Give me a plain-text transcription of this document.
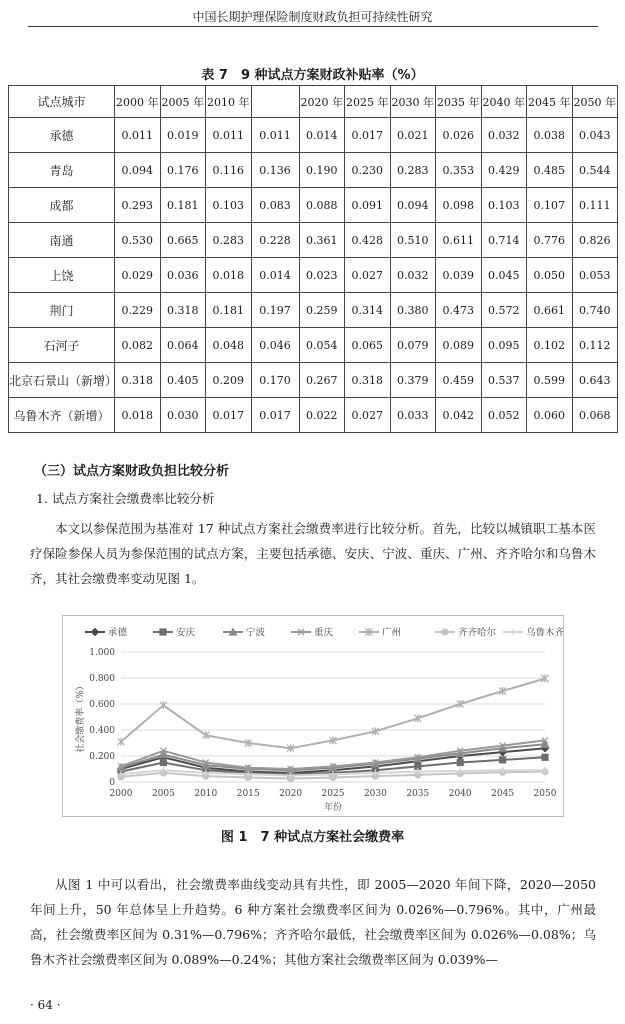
中国长期护理保险制度财政负担可持续性研究
表 7　9 种试点方案财政补贴率（%）
试点城市	2000 年	2005 年	2010 年		2020 年	2025 年	2030 年	2035 年	2040 年	2045 年	2050 年
承德	0.011	0.019	0.011	0.011	0.014	0.017	0.021	0.026	0.032	0.038	0.043
青岛	0.094	0.176	0.116	0.136	0.190	0.230	0.283	0.353	0.429	0.485	0.544
成都	0.293	0.181	0.103	0.083	0.088	0.091	0.094	0.098	0.103	0.107	0.111
南通	0.530	0.665	0.283	0.228	0.361	0.428	0.510	0.611	0.714	0.776	0.826
上饶	0.029	0.036	0.018	0.014	0.023	0.027	0.032	0.039	0.045	0.050	0.053
荆门	0.229	0.318	0.181	0.197	0.259	0.314	0.380	0.473	0.572	0.661	0.740
石河子	0.082	0.064	0.048	0.046	0.054	0.065	0.079	0.089	0.095	0.102	0.112
北京石景山（新增）	0.318	0.405	0.209	0.170	0.267	0.318	0.379	0.459	0.537	0.599	0.643
乌鲁木齐（新增）	0.018	0.030	0.017	0.017	0.022	0.027	0.033	0.042	0.052	0.060	0.068
（三）试点方案财政负担比较分析
1. 试点方案社会缴费率比较分析
本文以参保范围为基准对 17 种试点方案社会缴费率进行比较分析。首先，比较以城镇职工基本医疗保险参保人员为参保范围的试点方案，主要包括承德、安庆、宁波、重庆、广州、齐齐哈尔和乌鲁木齐，其社会缴费率变动见图 1。
0
0.200
0.400
0.600
0.800
1.000
2000 2005 2010 2015 2020 2025 2030 2035 2040 2045 2050
年份
社会缴费率（%）
承德	安庆	宁波	重庆	广州	齐齐哈尔	乌鲁木齐
图 1　7 种试点方案社会缴费率
从图 1 中可以看出，社会缴费率曲线变动具有共性，即 2005—2020 年间下降，2020—2050 年间上升，50 年总体呈上升趋势。6 种方案社会缴费率区间为 0.026%—0.796%。其中，广州最高，社会缴费率区间为 0.31%—0.796%；齐齐哈尔最低，社会缴费率区间为 0.026%—0.08%；乌鲁木齐社会缴费率区间为 0.089%—0.24%；其他方案社会缴费率区间为 0.039%—
· 64 ·
